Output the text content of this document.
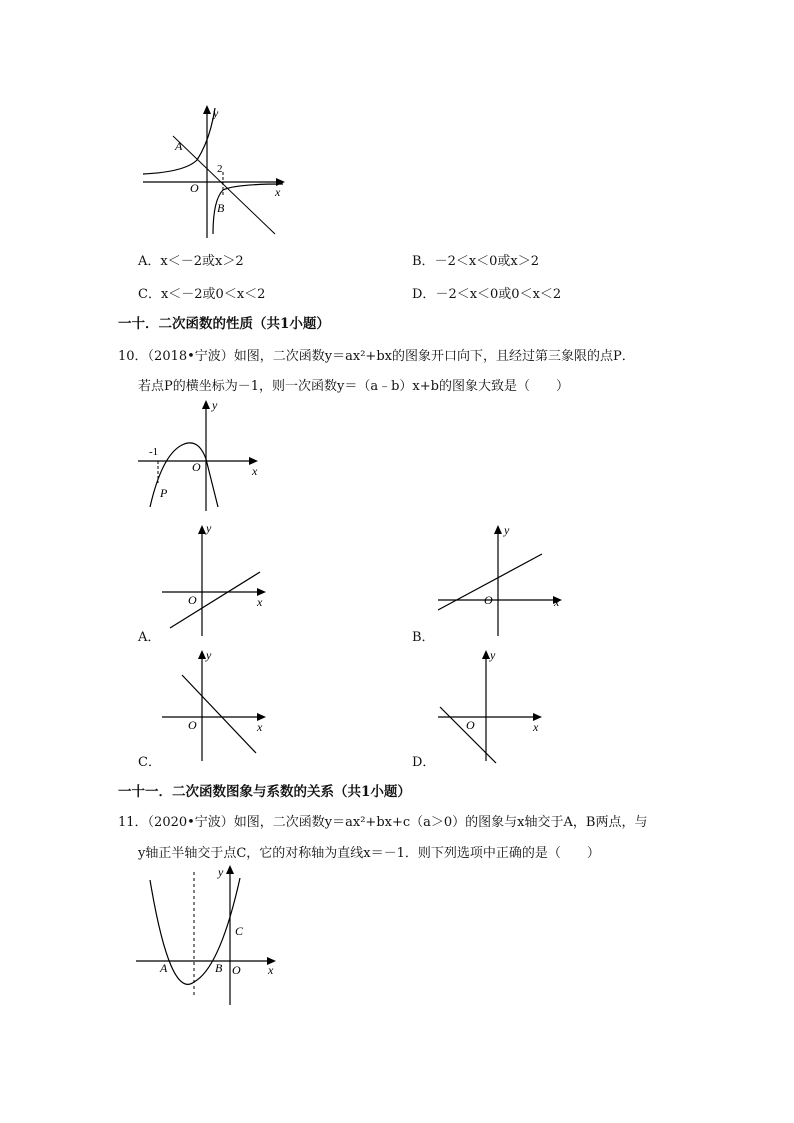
y
x
O
A
B
2
A．x＜－2或x＞2	B．－2＜x＜0或x＞2
C．x＜－2或0＜x＜2	D．－2＜x＜0或0＜x＜2
一十．二次函数的性质（共1小题）
10．（2018•宁波）如图，二次函数y＝ax²+bx的图象开口向下，且经过第三象限的点P．
若点P的横坐标为－1，则一次函数y＝（a﹣b）x+b的图象大致是（　　）
y
x
O
P
-1
y
x
O
A．
y
x
O
B．
y
x
O
C．
y
x
O
D．
一十一．二次函数图象与系数的关系（共1小题）
11．（2020•宁波）如图，二次函数y＝ax²+bx+c（a＞0）的图象与x轴交于A，B两点，与
y轴正半轴交于点C，它的对称轴为直线x＝－1．则下列选项中正确的是（　　）
y
x
O
A	B
C
